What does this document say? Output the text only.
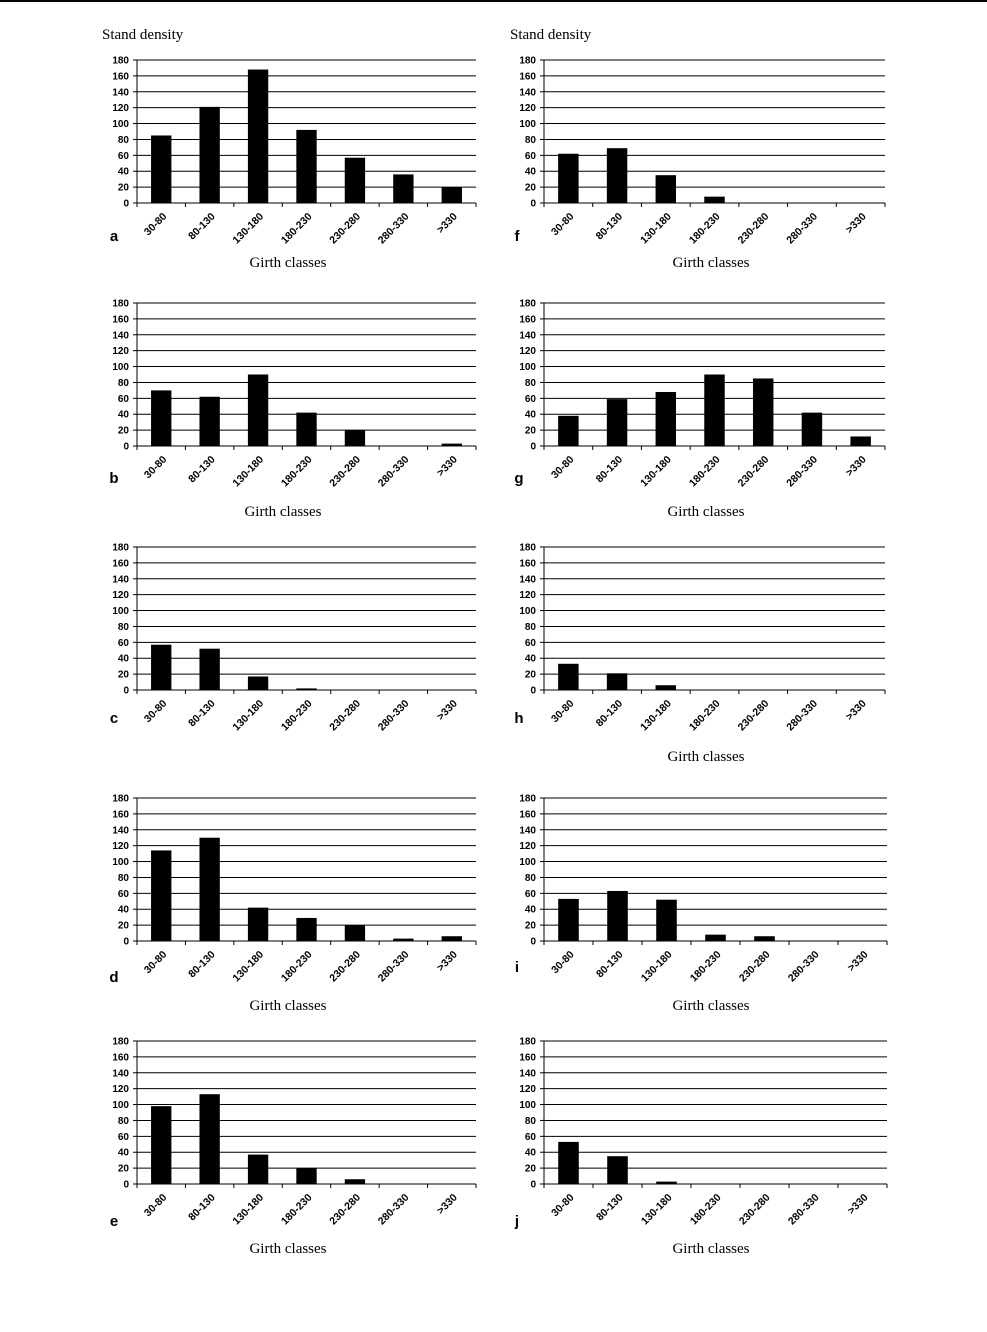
0
20
40
60
80
100
120
140
160
180
30-80 80-130 130-180 180-230 230-280 280-330 >330
a
Girth classes
Stand density
0
20
40
60
80
100
120
140
160
180
30-80 80-130 130-180 180-230 230-280 280-330 >330
b
Girth classes
0
20
40
60
80
100
120
140
160
180
30-80 80-130 130-180 180-230 230-280 280-330 >330
c
0
20
40
60
80
100
120
140
160
180
30-80 80-130 130-180 180-230 230-280 280-330 >330
d
Girth classes
0
20
40
60
80
100
120
140
160
180
30-80 80-130 130-180 180-230 230-280 280-330 >330
e
Girth classes
0
20
40
60
80
100
120
140
160
180
30-80 80-130 130-180 180-230 230-280 280-330 >330
f
Girth classes
Stand density
0
20
40
60
80
100
120
140
160
180
30-80 80-130 130-180 180-230 230-280 280-330 >330
g
Girth classes
0
20
40
60
80
100
120
140
160
180
30-80 80-130 130-180 180-230 230-280 280-330 >330
h
Girth classes
0
20
40
60
80
100
120
140
160
180
30-80 80-130 130-180 180-230 230-280 280-330 >330
i
Girth classes
0
20
40
60
80
100
120
140
160
180
30-80 80-130 130-180 180-230 230-280 280-330 >330
j
Girth classes
